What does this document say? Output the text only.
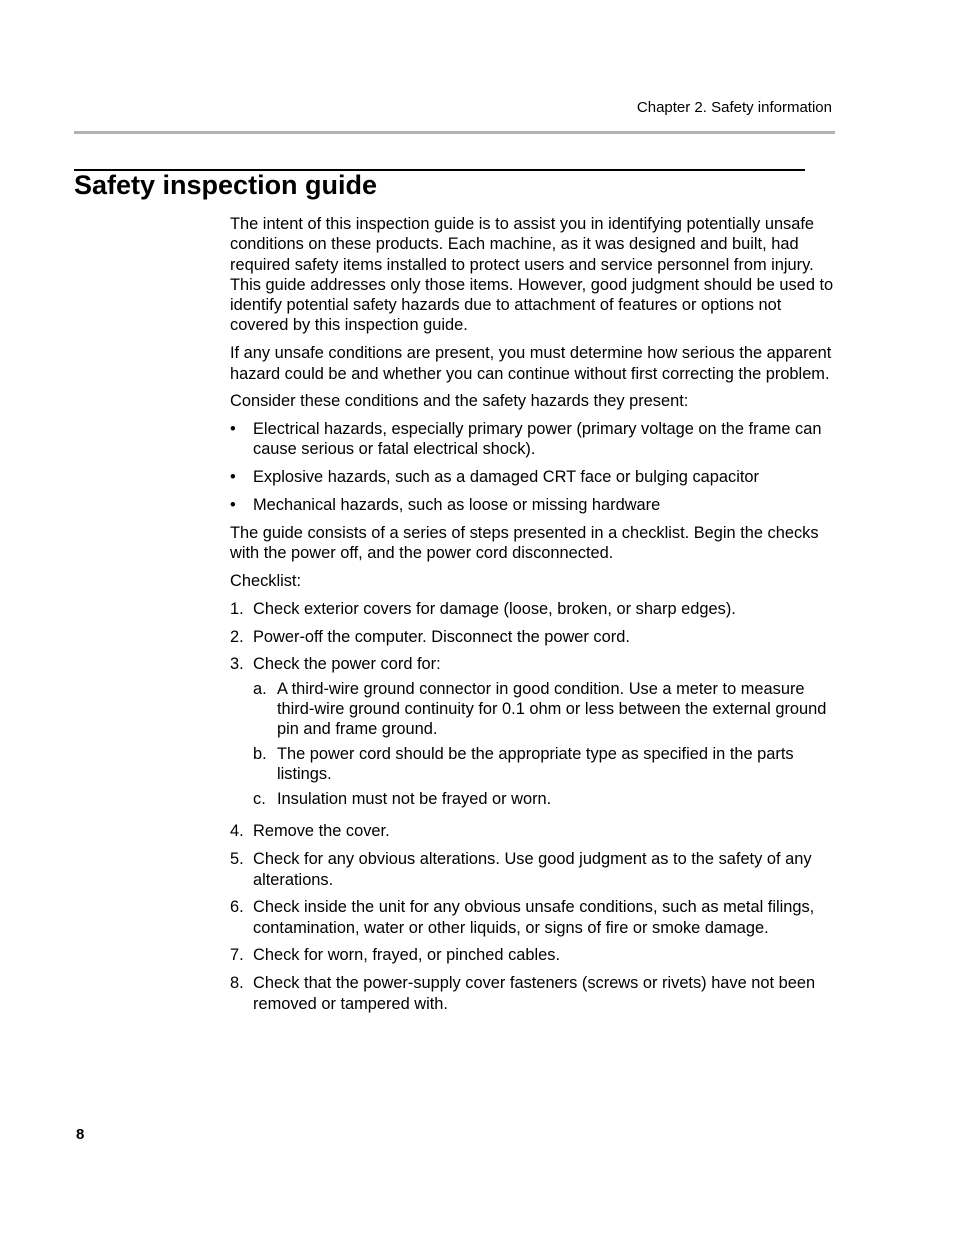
Chapter 2. Safety information
Safety inspection guide

The intent of this inspection guide is to assist you in identifying potentially unsafe conditions on these products. Each machine, as it was designed and built, had required safety items installed to protect users and service personnel from injury. This guide addresses only those items. However, good judgment should be used to identify potential safety hazards due to attachment of features or options not covered by this inspection guide.

If any unsafe conditions are present, you must determine how serious the apparent hazard could be and whether you can continue without first correcting the problem.

Consider these conditions and the safety hazards they present:

•	Electrical hazards, especially primary power (primary voltage on the frame can cause serious or fatal electrical shock).
•	Explosive hazards, such as a damaged CRT face or bulging capacitor
•	Mechanical hazards, such as loose or missing hardware

The guide consists of a series of steps presented in a checklist. Begin the checks with the power off, and the power cord disconnected.

Checklist:

1. Check exterior covers for damage (loose, broken, or sharp edges).
2. Power-off the computer. Disconnect the power cord.
3. Check the power cord for:
a. A third-wire ground connector in good condition. Use a meter to measure third-wire ground continuity for 0.1 ohm or less between the external ground pin and frame ground.
b. The power cord should be the appropriate type as specified in the parts listings.
c. Insulation must not be frayed or worn.
4. Remove the cover.
5. Check for any obvious alterations. Use good judgment as to the safety of any alterations.
6. Check inside the unit for any obvious unsafe conditions, such as metal filings, contamination, water or other liquids, or signs of fire or smoke damage.
7. Check for worn, frayed, or pinched cables.
8. Check that the power-supply cover fasteners (screws or rivets) have not been removed or tampered with.
8
